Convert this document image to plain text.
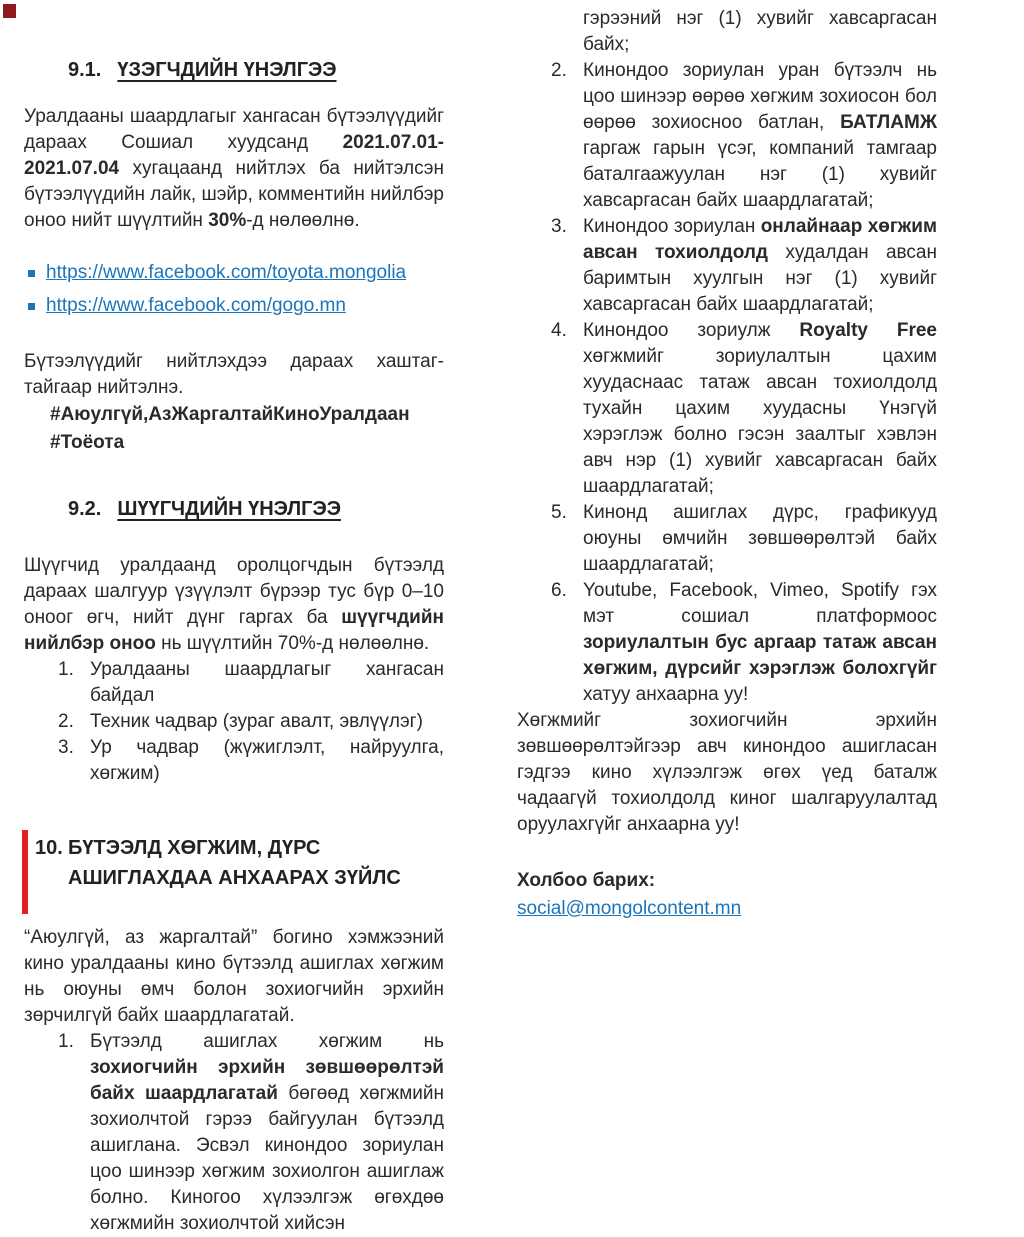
9.1. ҮЗЭГЧДИЙН ҮНЭЛГЭЭ

Уралдааны шаардлагыг хангасан бүтээлүүдийг дараах Сошиал хуудсанд 2021.07.01-2021.07.04 хугацаанд нийтлэх ба нийтэлсэн бүтээлүүдийн лайк, шэйр, комментийн нийлбэр оноо нийт шүүлтийн 30%-д нөлөөлнө.

https://www.facebook.com/toyota.mongolia
https://www.facebook.com/gogo.mn

Бүтээлүүдийг нийтлэхдээ дараах хаштаг-тайгаар нийтэлнэ.

#Аюулгүй,АзЖаргалтайКиноУралдаан
#Тоёота
9.2. ШҮҮГЧДИЙН ҮНЭЛГЭЭ

Шүүгчид уралдаанд оролцогчдын бүтээлд дараах шалгуур үзүүлэлт бүрээр тус бүр 0–10 оноог өгч, нийт дүнг гаргах ба шүүгчдийн нийлбэр оноо нь шүүлтийн 70%-д нөлөөлнө.

1. Уралдааны шаардлагыг хангасан байдал
2. Техник чадвар (зураг авалт, эвлүүлэг)
3. Ур чадвар (жүжиглэлт, найруулга, хөгжим)
10. БҮТЭЭЛД ХӨГЖИМ, ДҮРС
АШИГЛАХДАА АНХААРАХ ЗҮЙЛС

“Аюулгүй, аз жаргалтай” богино хэмжээний кино уралдааны кино бүтээлд ашиглах хөгжим нь оюуны өмч болон зохиогчийн эрхийн зөрчилгүй байх шаардлагатай.

1. Бүтээлд ашиглах хөгжим нь зохиогчийн эрхийн зөвшөөрөлтэй байх шаардлагатай бөгөөд хөгжмийн зохиолчтой гэрээ байгуулан бүтээлд ашиглана. Эсвэл кинондоо зориулан цоо шинээр хөгжим зохиолгон ашиглаж болно. Киногоо хүлээлгэж өгөхдөө хөгжмийн зохиолчтой хийсэн
гэрээний нэг (1) хувийг хавсаргасан байх;
2. Кинондоо зориулан уран бүтээлч нь цоо шинээр өөрөө хөгжим зохиосон бол өөрөө зохиосноо батлан, БАТЛАМЖ гаргаж гарын үсэг, компаний тамгаар баталгаажуулан нэг (1) хувийг хавсаргасан байх шаардлагатай;
3. Кинондоо зориулан онлайнаар хөгжим авсан тохиолдолд худалдан авсан баримтын хуулгын нэг (1) хувийг хавсаргасан байх шаардлагатай;
4. Кинондоо зориулж Royalty Free хөгжмийг зориулалтын цахим хуудаснаас татаж авсан тохиолдолд тухайн цахим хуудасны Үнэгүй хэрэглэж болно гэсэн заалтыг хэвлэн авч нэр (1) хувийг хавсаргасан байх шаардлагатай;
5. Кинонд ашиглах дүрс, графикууд оюуны өмчийн зөвшөөрөлтэй байх шаардлагатай;
6. Youtube, Facebook, Vimeo, Spotify гэх мэт сошиал платформоос зориулалтын бус аргаар татаж авсан хөгжим, дүрсийг хэрэглэж болохгүйг хатуу анхаарна уу!

Хөгжмийг зохиогчийн эрхийн зөвшөөрөлтэйгээр авч кинондоо ашигласан гэдгээ кино хүлээлгэж өгөх үед баталж чадаагүй тохиолдолд киног шалгаруулалтад оруулахгүйг анхаарна уу!

Холбоо барих:
social@mongolcontent.mn
